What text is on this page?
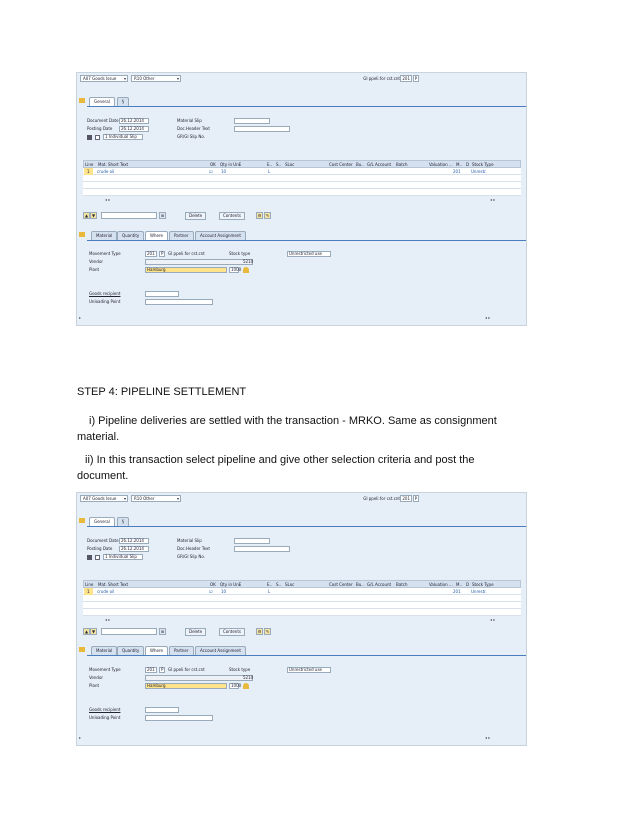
A07 Goods Issue ▾	R10 Other	▾	GI ppeli.for cst.cnt 201	P
General	§
Document Date 26.12.2014
Posting Date	26.12.2014
1 Individual Slip
Material Slip
Doc.Header Text
GR/GI Slip No.
Line Mat. Short Text	OK Qty in UnE	E.. S.. SLoc	Cost Center Bu.. G/L Account Batch	Valuation ... M.. D Stock Type
1	crude oil	☑ 10	L	201	Unrestr.
◂ ▸	◂ ▸
▲ ▼	⊞	Delete	Contents	⚙	✎
Material	Quantity	Where	Partner	Account Assignment
Movement Type	201	P	GI ppeli.for cst.cnt	Stock type	Unrestricted use
Vendor	5210
Plant	Hamburg	1000
Goods recipient
Unloading Point
▸	◂ ▸
STEP 4: PIPELINE SETTLEMENT
i) Pipeline deliveries are settled with the transaction - MRKO. Same as consignment
material.
ii) In this transaction select pipeline and give other selection criteria and post the
document.
A07 Goods Issue ▾	R10 Other	▾	GI ppeli.for cst.cnt 201	P
General	§
Document Date 26.12.2014
Posting Date	26.12.2014
1 Individual Slip
Material Slip
Doc.Header Text
GR/GI Slip No.
Line Mat. Short Text	OK Qty in UnE	E.. S.. SLoc	Cost Center Bu.. G/L Account Batch	Valuation ... M.. D Stock Type
1	crude oil	☑ 10	L	201	Unrestr.
◂ ▸	◂ ▸
▲ ▼	⊞	Delete	Contents	⚙	✎
Material	Quantity	Where	Partner	Account Assignment
Movement Type	201	P	GI ppeli.for cst.cnt	Stock type	Unrestricted use
Vendor	5210
Plant	Hamburg	1000
Goods recipient
Unloading Point
▸	◂ ▸
